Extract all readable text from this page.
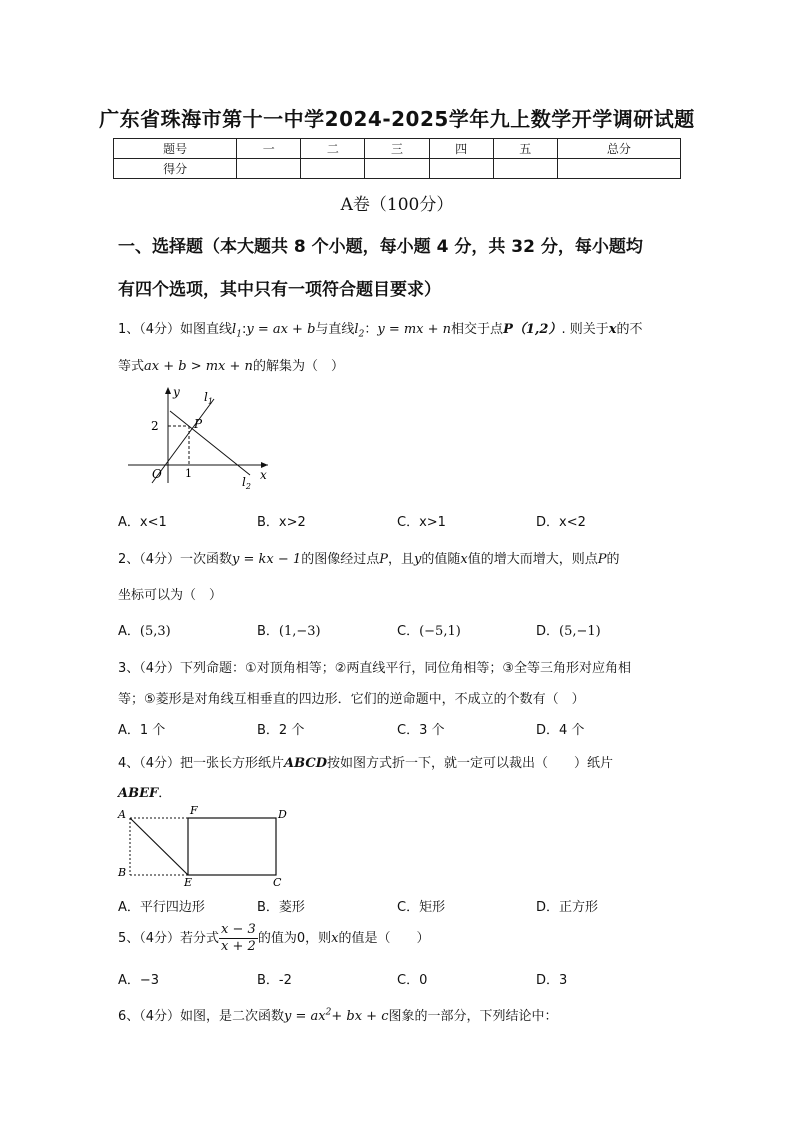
广东省珠海市第十一中学2024-2025学年九上数学开学调研试题
题号	一	二	三	四	五	总分
得分						
A卷（100分）
一、选择题（本大题共 8 个小题，每小题 4 分，共 32 分，每小题均
有四个选项，其中只有一项符合题目要求）
1、（4分）如图直线$l_1:y$ = ax + b与直线$l_2$：y = mx + n相交于点P（1,2）. 则关于x的不
等式ax + b > mx + n的解集为（　）
y
x
O
P
2
1
$l_1$
$l_2$
A．x<1	B．x>2	C．x>1	D．x<2
2、（4分）一次函数y = kx − 1的图像经过点P，且y的值随x值的增大而增大，则点P的
坐标可以为（　）
A．(5,3)	B．(1,−3)	C．(−5,1)	D．(5,−1)
3、（4分）下列命题：①对顶角相等；②两直线平行，同位角相等；③全等三角形对应角相
等；⑤菱形是对角线互相垂直的四边形．它们的逆命题中，不成立的个数有（　）
A．1 个	B．2 个	C．3 个	D．4 个
4、（4分）把一张长方形纸片ABCD按如图方式折一下，就一定可以裁出（　　）纸片
ABEF．
A	F	D
B
E	C
A．平行四边形	B．菱形	C．矩形	D．正方形
5、（4分）若分式 $\frac{x - 3}{x + 2}$ 的值为0，则x的值是（　　）
A．−3	B．-2	C．0	D．3
6、（4分）如图，是二次函数$y = ax^2+$ bx + c图象的一部分，下列结论中：
